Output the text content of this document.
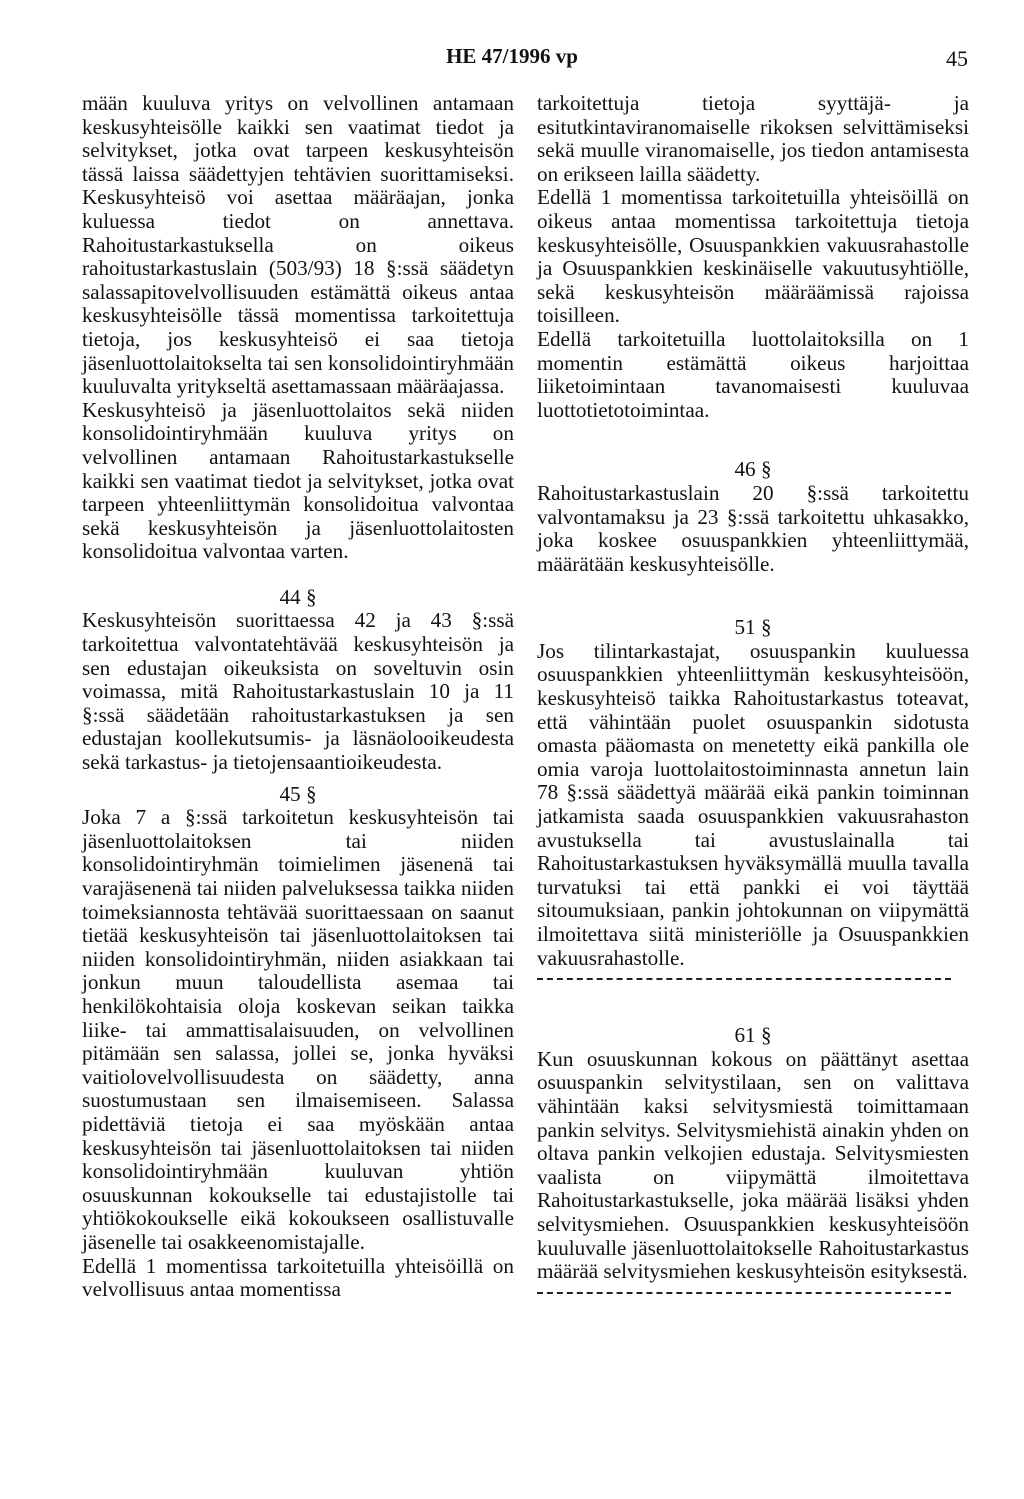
HE 47/1996 vp	45

mään kuuluva yritys on velvollinen antamaan keskusyhteisölle kaikki sen vaatimat tiedot ja selvitykset, jotka ovat tarpeen keskusyhteisön tässä laissa säädettyjen tehtävien suorittamiseksi. Keskusyhteisö voi asettaa määräajan, jonka kuluessa tiedot on annettava. Rahoitustarkastuksella on oikeus rahoitustarkastuslain (503/93) 18 §:ssä säädetyn salassapitovelvollisuuden estämättä oikeus antaa keskusyhteisölle tässä momentissa tarkoitettuja tietoja, jos keskusyhteisö ei saa tietoja jäsenluottolaitokselta tai sen konsolidointiryhmään kuuluvalta yritykseltä asettamassaan määräajassa.

Keskusyhteisö ja jäsenluottolaitos sekä niiden konsolidointiryhmään kuuluva yritys on velvollinen antamaan Rahoitustarkastukselle kaikki sen vaatimat tiedot ja selvitykset, jotka ovat tarpeen yhteenliittymän konsolidoitua valvontaa sekä keskusyhteisön ja jäsenluottolaitosten konsolidoitua valvontaa varten.

44 §

Keskusyhteisön suorittaessa 42 ja 43 §:ssä tarkoitettua valvontatehtävää keskusyhteisön ja sen edustajan oikeuksista on soveltuvin osin voimassa, mitä Rahoitustarkastuslain 10 ja 11 §:ssä säädetään rahoitustarkastuksen ja sen edustajan koollekutsumis- ja läsnäolooikeudesta sekä tarkastus- ja tietojensaantioikeudesta.

45 §

Joka 7 a §:ssä tarkoitetun keskusyhteisön tai jäsenluottolaitoksen tai niiden konsolidointiryhmän toimielimen jäsenenä tai varajäsenenä tai niiden palveluksessa taikka niiden toimeksiannosta tehtävää suorittaessaan on saanut tietää keskusyhteisön tai jäsenluottolaitoksen tai niiden konsolidointiryhmän, niiden asiakkaan tai jonkun muun taloudellista asemaa tai henkilökohtaisia oloja koskevan seikan taikka liike- tai ammattisalaisuuden, on velvollinen pitämään sen salassa, jollei se, jonka hyväksi vaitiolovelvollisuudesta on säädetty, anna suostumustaan sen ilmaisemiseen. Salassa pidettäviä tietoja ei saa myöskään antaa keskusyhteisön tai jäsenluottolaitoksen tai niiden konsolidointiryhmään kuuluvan yhtiön osuuskunnan kokoukselle tai edustajistolle tai yhtiökokoukselle eikä kokoukseen osallistuvalle jäsenelle tai osakkeenomistajalle.

Edellä 1 momentissa tarkoitetuilla yhteisöillä on velvollisuus antaa momentissa

tarkoitettuja tietoja syyttäjä- ja esitutkintaviranomaiselle rikoksen selvittämiseksi sekä muulle viranomaiselle, jos tiedon antamisesta on erikseen lailla säädetty.

Edellä 1 momentissa tarkoitetuilla yhteisöillä on oikeus antaa momentissa tarkoitettuja tietoja keskusyhteisölle, Osuuspankkien vakuusrahastolle ja Osuuspankkien keskinäiselle vakuutusyhtiölle, sekä keskusyhteisön määräämissä rajoissa toisilleen.

Edellä tarkoitetuilla luottolaitoksilla on 1 momentin estämättä oikeus harjoittaa liiketoimintaan tavanomaisesti kuuluvaa luottotietotoimintaa.

46 §

Rahoitustarkastuslain 20 §:ssä tarkoitettu valvontamaksu ja 23 §:ssä tarkoitettu uhkasakko, joka koskee osuuspankkien yhteenliittymää, määrätään keskusyhteisölle.

51 §

Jos tilintarkastajat, osuuspankin kuuluessa osuuspankkien yhteenliittymän keskusyhteisöön, keskusyhteisö taikka Rahoitustarkastus toteavat, että vähintään puolet osuuspankin sidotusta omasta pääomasta on menetetty eikä pankilla ole omia varoja luottolaitostoiminnasta annetun lain 78 §:ssä säädettyä määrää eikä pankin toiminnan jatkamista saada osuuspankkien vakuusrahaston avustuksella tai avustuslainalla tai Rahoitustarkastuksen hyväksymällä muulla tavalla turvatuksi tai että pankki ei voi täyttää sitoumuksiaan, pankin johtokunnan on viipymättä ilmoitettava siitä ministeriölle ja Osuuspankkien vakuusrahastolle.

61 §

Kun osuuskunnan kokous on päättänyt asettaa osuuspankin selvitystilaan, sen on valittava vähintään kaksi selvitysmiestä toimittamaan pankin selvitys. Selvitysmiehistä ainakin yhden on oltava pankin velkojien edustaja. Selvitysmiesten vaalista on viipymättä ilmoitettava Rahoitustarkastukselle, joka määrää lisäksi yhden selvitysmiehen. Osuuspankkien keskusyhteisöön kuuluvalle jäsenluottolaitokselle Rahoitustarkastus määrää selvitysmiehen keskusyhteisön esityksestä.
